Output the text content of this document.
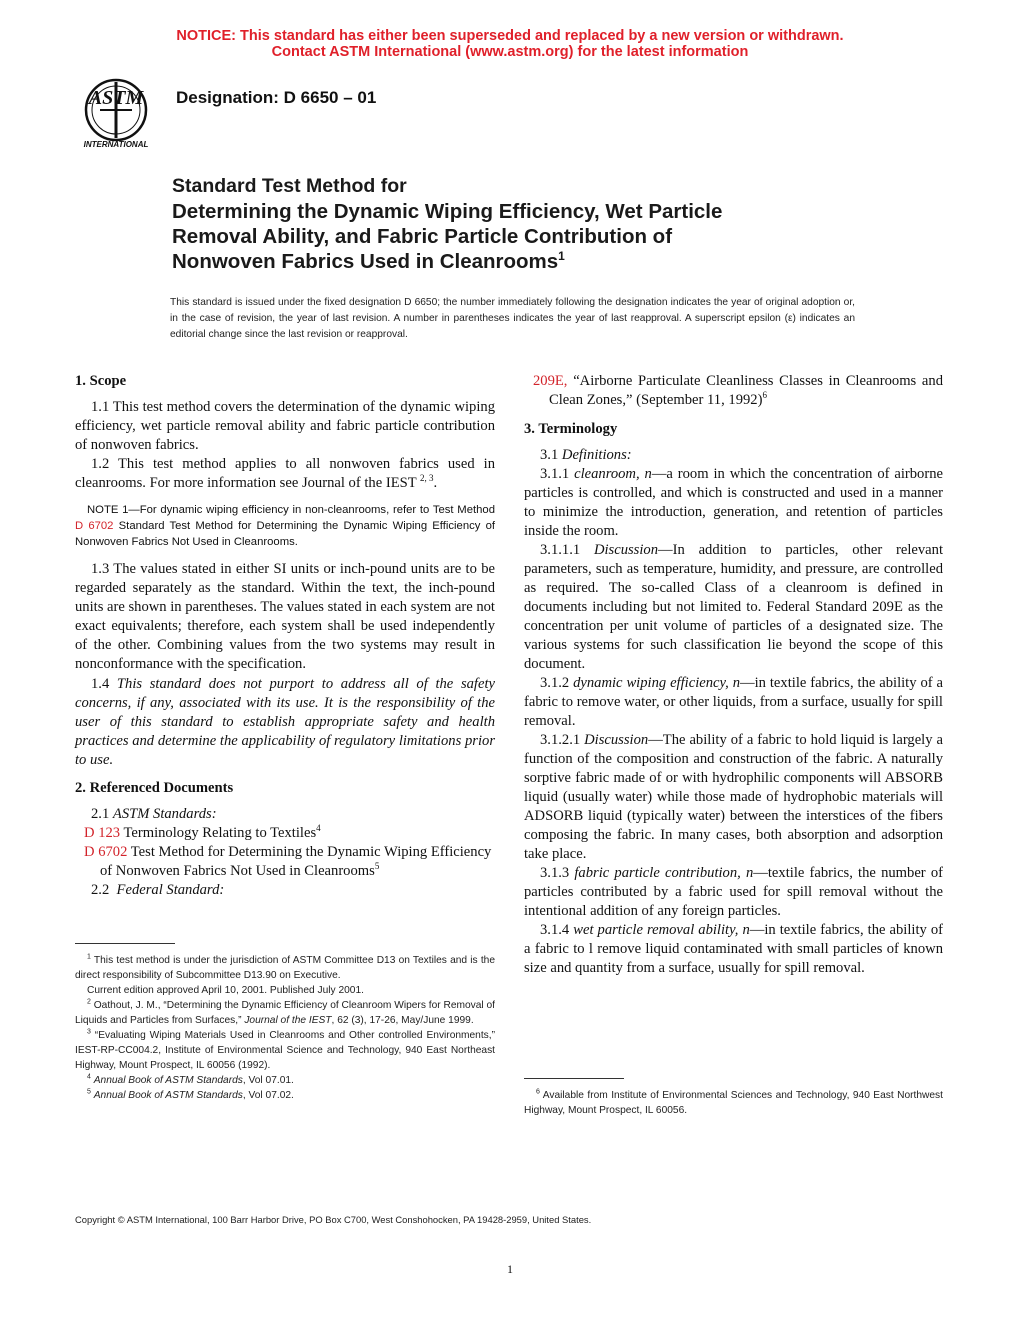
NOTICE: This standard has either been superseded and replaced by a new version or withdrawn.
Contact ASTM International (www.astm.org) for the latest information
ASTM
INTERNATIONAL
Designation: D 6650 – 01
Standard Test Method for
Determining the Dynamic Wiping Efficiency, Wet Particle
Removal Ability, and Fabric Particle Contribution of
Nonwoven Fabrics Used in Cleanrooms$^1$
This standard is issued under the fixed designation D 6650; the number immediately following the designation indicates the year of original adoption or, in the case of revision, the year of last revision. A number in parentheses indicates the year of last reapproval. A superscript epsilon (ε) indicates an editorial change since the last revision or reapproval.
1. Scope

1.1 This test method covers the determination of the dynamic wiping efficiency, wet particle removal ability and fabric particle contribution of nonwoven fabrics.

1.2 This test method applies to all nonwoven fabrics used in cleanrooms. For more information see Journal of the IEST $^{2, 3}$.

NOTE 1—For dynamic wiping efficiency in non-cleanrooms, refer to Test Method D 6702 Standard Test Method for Determining the Dynamic Wiping Efficiency of Nonwoven Fabrics Not Used in Cleanrooms.

1.3 The values stated in either SI units or inch-pound units are to be regarded separately as the standard. Within the text, the inch-pound units are shown in parentheses. The values stated in each system are not exact equivalents; therefore, each system shall be used independently of the other. Combining values from the two systems may result in nonconformance with the specification.

1.4 This standard does not purport to address all of the safety concerns, if any, associated with its use. It is the responsibility of the user of this standard to establish appropriate safety and health practices and determine the applicability of regulatory limitations prior to use.

2. Referenced Documents

2.1 ASTM Standards:

D 123 Terminology Relating to Textiles$^4$

D 6702 Test Method for Determining the Dynamic Wiping Efficiency of Nonwoven Fabrics Not Used in Cleanrooms$^5$

2.2 Federal Standard:

209E, “Airborne Particulate Cleanliness Classes in Cleanrooms and Clean Zones,” (September 11, 1992)$^6$

3. Terminology

3.1 Definitions:

3.1.1 cleanroom, n—a room in which the concentration of airborne particles is controlled, and which is constructed and used in a manner to minimize the introduction, generation, and retention of particles inside the room.

3.1.1.1 Discussion—In addition to particles, other relevant parameters, such as temperature, humidity, and pressure, are controlled as required. The so-called Class of a cleanroom is defined in documents including but not limited to. Federal Standard 209E as the concentration per unit volume of particles of a designated size. The various systems for such classification lie beyond the scope of this document.

3.1.2 dynamic wiping efficiency, n—in textile fabrics, the ability of a fabric to remove water, or other liquids, from a surface, usually for spill removal.

3.1.2.1 Discussion—The ability of a fabric to hold liquid is largely a function of the composition and construction of the fabric. A naturally sorptive fabric made of or with hydrophilic components will ABSORB liquid (usually water) while those made of hydrophobic materials will ADSORB liquid (typically water) between the interstices of the fibers composing the fabric. In many cases, both absorption and adsorption take place.

3.1.3 fabric particle contribution, n—textile fabrics, the number of particles contributed by a fabric used for spill removal without the intentional addition of any foreign particles.

3.1.4 wet particle removal ability, n—in textile fabrics, the ability of a fabric to l remove liquid contaminated with small particles of known size and quantity from a surface, usually for spill removal.

$^1$ This test method is under the jurisdiction of ASTM Committee D13 on Textiles and is the direct responsibility of Subcommittee D13.90 on Executive.

Current edition approved April 10, 2001. Published July 2001.

$^2$ Oathout, J. M., “Determining the Dynamic Efficiency of Cleanroom Wipers for Removal of Liquids and Particles from Surfaces,” Journal of the IEST, 62 (3), 17-26, May/June 1999.

$^3$ “Evaluating Wiping Materials Used in Cleanrooms and Other controlled Environments,” IEST-RP-CC004.2, Institute of Environmental Science and Technology, 940 East Northeast Highway, Mount Prospect, IL 60056 (1992).

$^4$ Annual Book of ASTM Standards, Vol 07.01.

$^5$ Annual Book of ASTM Standards, Vol 07.02.	$^6$ Available from Institute of Environmental Sciences and Technology, 940 East Northwest Highway, Mount Prospect, IL 60056.

Copyright © ASTM International, 100 Barr Harbor Drive, PO Box C700, West Conshohocken, PA 19428-2959, United States.
1
